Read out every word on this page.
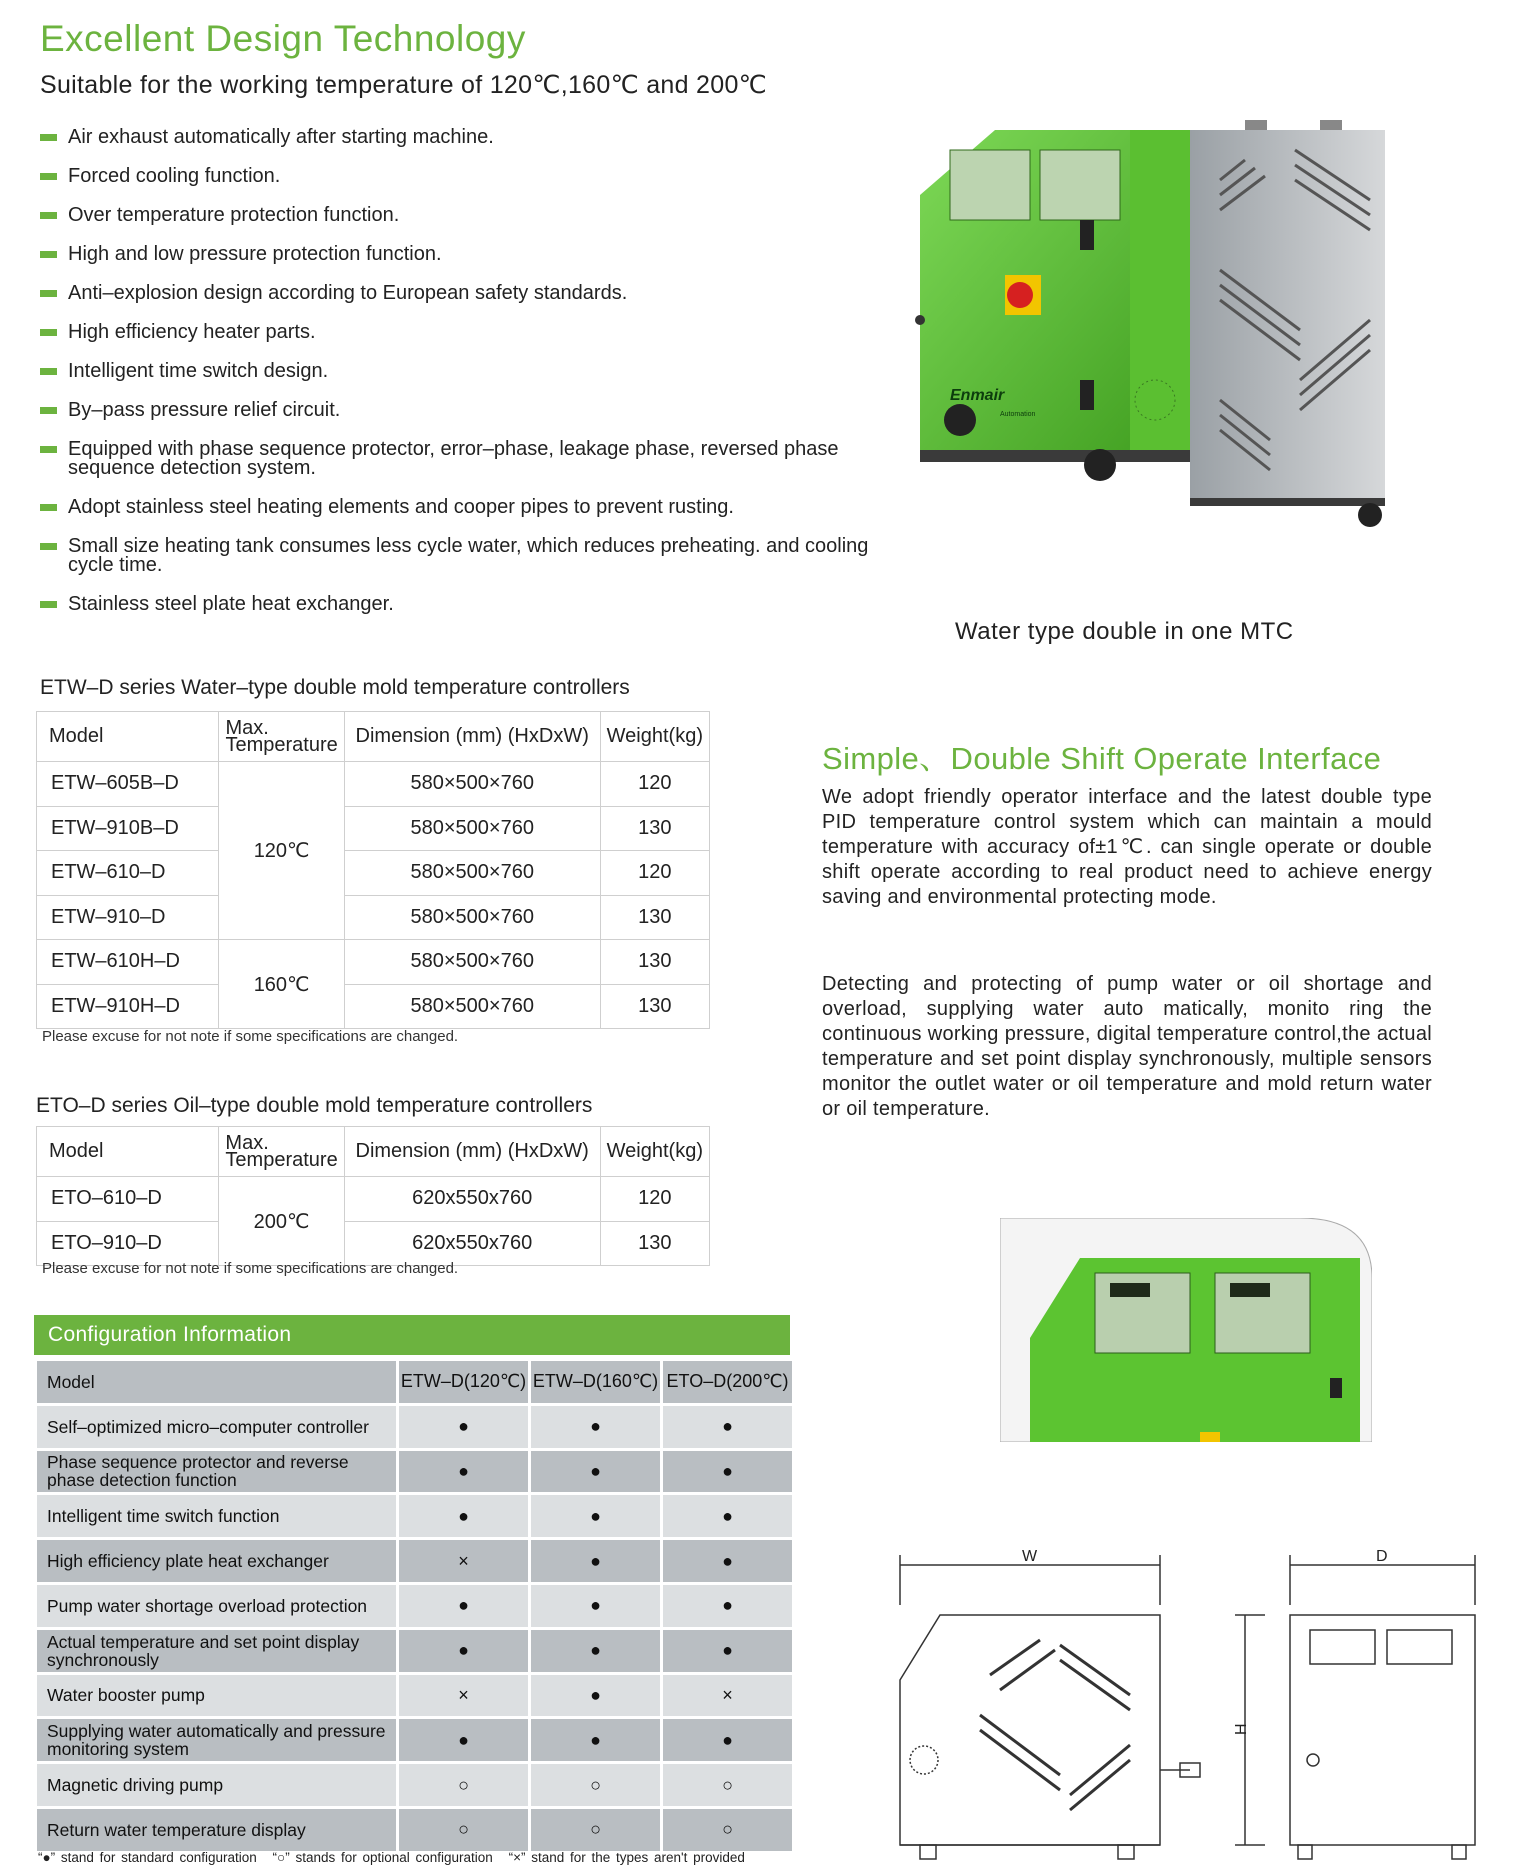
Excellent Design Technology
Suitable for the working temperature of 120℃,160℃ and 200℃
Air exhaust automatically after starting machine.
Forced cooling function.
Over temperature protection function.
High and low pressure protection function.
Anti–explosion design according to European safety standards.
High efficiency heater parts.
Intelligent time switch design.
By–pass pressure relief circuit.
Equipped with phase sequence protector, error–phase, leakage phase, reversed phase sequence detection system.
Adopt stainless steel heating elements and cooper pipes to prevent rusting.
Small size heating tank consumes less cycle water, which reduces preheating. and cooling cycle time.
Stainless steel plate heat exchanger.
Enmair
Automation
Water type double in one MTC
ETW–D series Water–type double mold temperature controllers
Model	Max. Temperature	Dimension (mm) (HxDxW)	Weight(kg)
ETW–605B–D	120℃	580×500×760	120
ETW–910B–D		580×500×760	130
ETW–610–D		580×500×760	120
ETW–910–D		580×500×760	130
ETW–610H–D	160℃	580×500×760	130
ETW–910H–D		580×500×760	130
Please excuse for not note if some specifications are changed.
ETO–D series Oil–type double mold temperature controllers
Model	Max. Temperature	Dimension (mm) (HxDxW)	Weight(kg)
ETO–610–D	200℃	620x550x760	120
ETO–910–D		620x550x760	130
Please excuse for not note if some specifications are changed.
Simple、Double Shift Operate Interface
We adopt friendly operator interface and the latest double type PID temperature control system which can maintain a mould temperature with accuracy of±1℃. can single operate or double shift operate according to real product need to achieve energy saving and environmental protecting mode.
Detecting and protecting of pump water or oil shortage and overload, supplying water auto matically, monito ring the continuous working pressure, digital temperature control,the actual temperature and set point display synchronously, multiple sensors monitor the outlet water or oil temperature and mold return water or oil temperature.
Configuration Information
Model	ETW–D(120℃)	ETW–D(160℃)	ETO–D(200℃)
Self–optimized micro–computer controller	●	●	●
Phase sequence protector and reverse phase detection function	●	●	●
Intelligent time switch function	●	●	●
High efficiency plate heat exchanger	×	●	●
Pump water shortage overload protection	●	●	●
Actual temperature and set point display synchronously	●	●	●
Water booster pump	×	●	×
Supplying water automatically and pressure monitoring system	●	●	●
Magnetic driving pump	○	○	○
Return water temperature display	○	○	○
“●” stand for standard configuration “○” stands for optional configuration “×” stand for the types aren't provided
W	D
H
